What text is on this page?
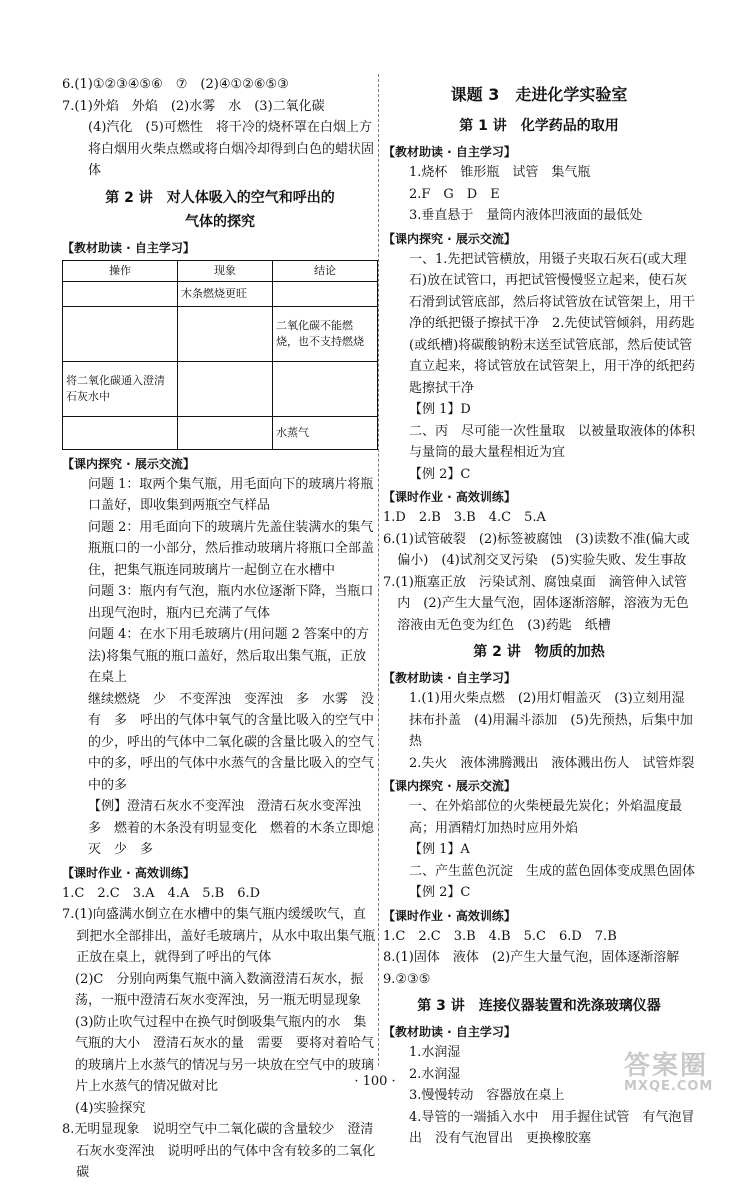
6.(1)①②③④⑤⑥　⑦　(2)④①②⑥⑤③

7.(1)外焰　外焰　(2)水雾　水　(3)二氧化碳

(4)汽化　(5)可燃性　将干冷的烧杯罩在白烟上方将白烟用火柴点燃或将白烟冷却得到白色的蜡状固体

第 2 讲　对人体吸入的空气和呼出的
气体的探究
【教材助读 · 自主学习】
操作	现象	结论
	木条燃烧更旺	
		二氧化碳不能燃烧，也不支持燃烧
将二氧化碳通入澄清石灰水中		
		水蒸气
【课内探究 · 展示交流】

问题 1：取两个集气瓶，用毛面向下的玻璃片将瓶口盖好，即收集到两瓶空气样品

问题 2：用毛面向下的玻璃片先盖住装满水的集气瓶瓶口的一小部分，然后推动玻璃片将瓶口全部盖住，把集气瓶连同玻璃片一起倒立在水槽中

问题 3：瓶内有气泡，瓶内水位逐渐下降，当瓶口出现气泡时，瓶内已充满了气体

问题 4：在水下用毛玻璃片(用问题 2 答案中的方法)将集气瓶的瓶口盖好，然后取出集气瓶，正放在桌上

继续燃烧　少　不变浑浊　变浑浊　多　水雾　没有　多　呼出的气体中氧气的含量比吸入的空气中的少，呼出的气体中二氧化碳的含量比吸入的空气中的多，呼出的气体中水蒸气的含量比吸入的空气中的多

【例】澄清石灰水不变浑浊　澄清石灰水变浑浊　多　燃着的木条没有明显变化　燃着的木条立即熄灭　少　多

【课时作业 · 高效训练】

1.C　2.C　3.A　4.A　5.B　6.D

7.(1)向盛满水倒立在水槽中的集气瓶内缓缓吹气，直到把水全部排出，盖好毛玻璃片，从水中取出集气瓶正放在桌上，就得到了呼出的气体

(2)C　分别向两集气瓶中滴入数滴澄清石灰水，振荡，一瓶中澄清石灰水变浑浊，另一瓶无明显现象

(3)防止吹气过程中在换气时倒吸集气瓶内的水　集气瓶的大小　澄清石灰水的量　需要　要将对着哈气的玻璃片上水蒸气的情况与另一块放在空气中的玻璃片上水蒸气的情况做对比

(4)实验探究

8.无明显现象　说明空气中二氧化碳的含量较少　澄清石灰水变浑浊　说明呼出的气体中含有较多的二氧化碳

课题 3　走进化学实验室
第 1 讲　化学药品的取用
【教材助读 · 自主学习】

1.烧杯　锥形瓶　试管　集气瓶

2.F　G　D　E

3.垂直悬于　量筒内液体凹液面的最低处

【课内探究 · 展示交流】

一、1.先把试管横放，用镊子夹取石灰石(或大理石)放在试管口，再把试管慢慢竖立起来，使石灰石滑到试管底部，然后将试管放在试管架上，用干净的纸把镊子擦拭干净　2.先使试管倾斜，用药匙(或纸槽)将碳酸钠粉末送至试管底部，然后使试管直立起来，将试管放在试管架上，用干净的纸把药匙擦拭干净

【例 1】D

二、丙　尽可能一次性量取　以被量取液体的体积与量筒的最大量程相近为宜

【例 2】C

【课时作业 · 高效训练】

1.D　2.B　3.B　4.C　5.A

6.(1)试管破裂　(2)标签被腐蚀　(3)读数不准(偏大或偏小)　(4)试剂交叉污染　(5)实验失败、发生事故

7.(1)瓶塞正放　污染试剂、腐蚀桌面　滴管伸入试管内　(2)产生大量气泡，固体逐渐溶解，溶液为无色　溶液由无色变为红色　(3)药匙　纸槽

第 2 讲　物质的加热
【教材助读 · 自主学习】

1.(1)用火柴点燃　(2)用灯帽盖灭　(3)立刻用湿抹布扑盖　(4)用漏斗添加　(5)先预热，后集中加热

2.失火　液体沸腾溅出　液体溅出伤人　试管炸裂

【课内探究 · 展示交流】

一、在外焰部位的火柴梗最先炭化；外焰温度最高；用酒精灯加热时应用外焰

【例 1】A

二、产生蓝色沉淀　生成的蓝色固体变成黑色固体

【例 2】C

【课时作业 · 高效训练】

1.C　2.C　3.B　4.B　5.C　6.D　7.B

8.(1)固体　液体　(2)产生大量气泡，固体逐渐溶解

9.②③⑤

第 3 讲　连接仪器装置和洗涤玻璃仪器
【教材助读 · 自主学习】

1.水润湿

2.水润湿

3.慢慢转动　容器放在桌上

4.导管的一端插入水中　用手握住试管　有气泡冒出　没有气泡冒出　更换橡胶塞

· 100 ·
答案圈
MXQE.COM
